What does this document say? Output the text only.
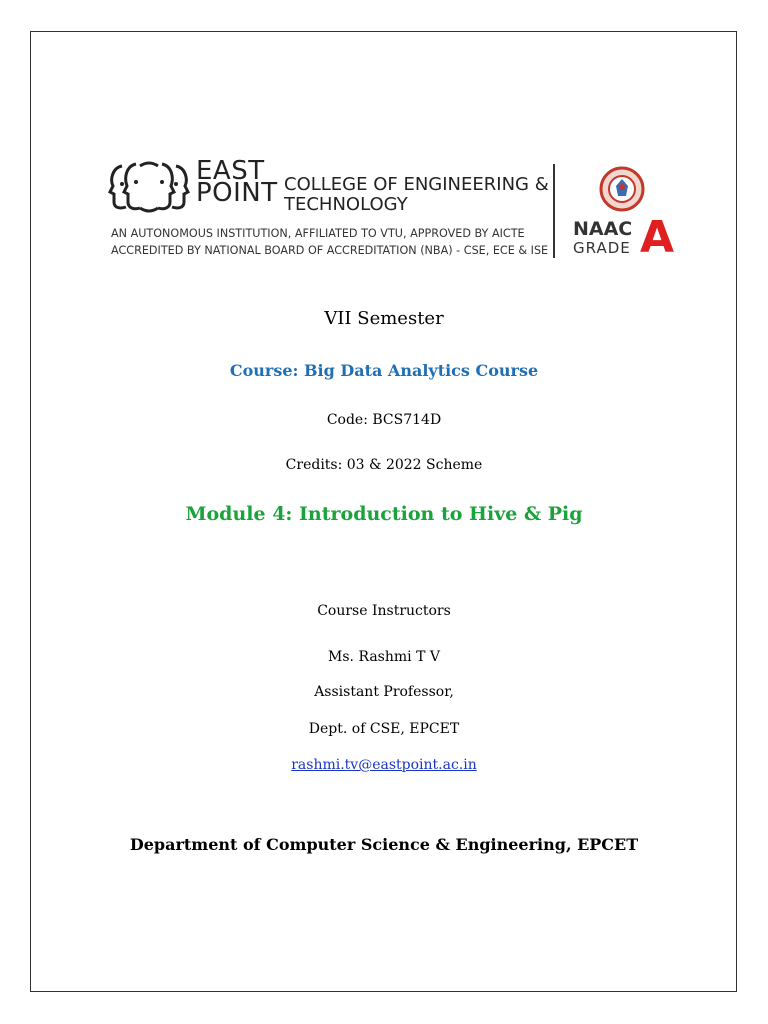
EAST
POINT COLLEGE OF ENGINEERING &
TECHNOLOGY
AN AUTONOMOUS INSTITUTION, AFFILIATED TO VTU, APPROVED BY AICTE
ACCREDITED BY NATIONAL BOARD OF ACCREDITATION (NBA) - CSE, ECE & ISE
NAAC
GRADE A
VII Semester
Course: Big Data Analytics Course
Code: BCS714D
Credits: 03 & 2022 Scheme
Module 4: Introduction to Hive & Pig
Course Instructors
Ms. Rashmi T V
Assistant Professor,
Dept. of CSE, EPCET
rashmi.tv@eastpoint.ac.in
Department of Computer Science & Engineering, EPCET
